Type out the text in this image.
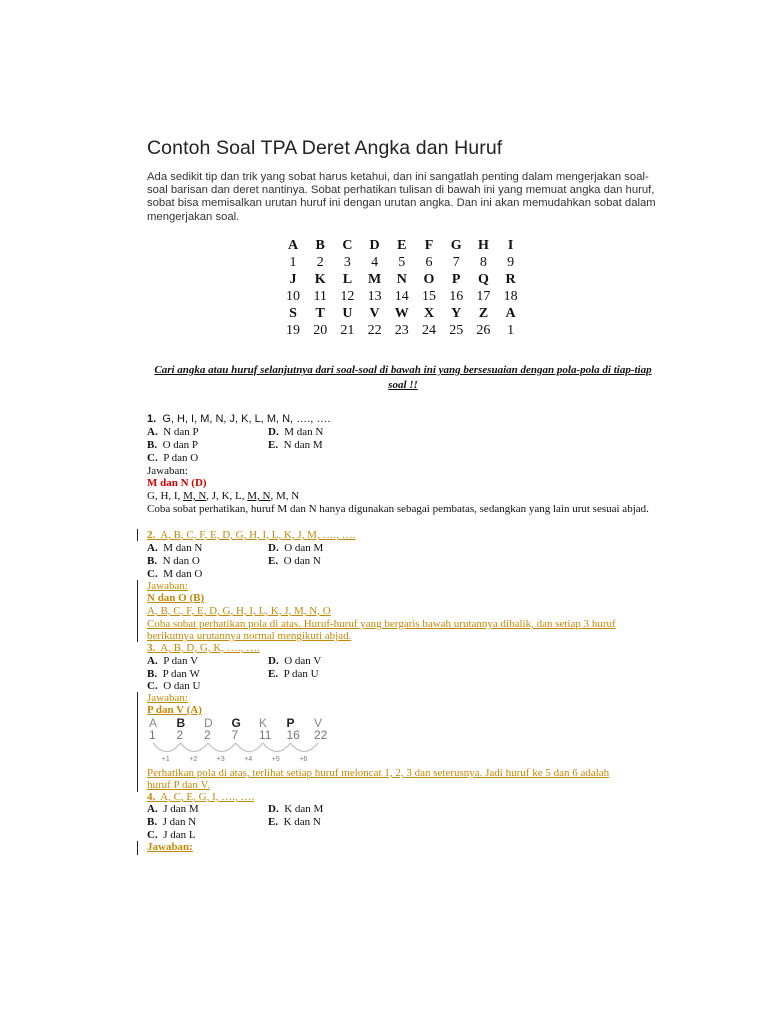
Contoh Soal TPA Deret Angka dan Huruf
Ada sedikit tip dan trik yang sobat harus ketahui, dan ini sangatlah penting dalam mengerjakan soal-soal barisan dan deret nantinya. Sobat perhatikan tulisan di bawah ini yang memuat angka dan huruf, sobat bisa memisalkan urutan huruf ini dengan urutan angka. Dan ini akan memudahkan sobat dalam mengerjakan soal.
A	B	C	D	E	F	G	H	I
1	2	3	4	5	6	7	8	9
J	K	L	M	N	O	P	Q	R
10 11 12 13 14 15 16 17 18
S	T	U	V	W	X	Y	Z	A
19 20 21 22 23 24 25 26	1
Cari angka atau huruf selanjutnya dari soal-soal di bawah ini yang bersesuaian dengan pola-pola di tiap-tiap soal !!
1. G, H, I, M, N, J, K, L, M, N, …., ….
A. N dan P	D. M dan N
B. O dan P	E. N dan M
C. P dan O
Jawaban:
M dan N (D)
G, H, I, M, N, J, K, L, M, N, M, N
Coba sobat perhatikan, huruf M dan N hanya digunakan sebagai pembatas, sedangkan yang lain urut sesuai abjad.
2. A, B, C, F, E, D, G, H, I, L, K, J, M, …., ….
A. M dan N	D. O dan M
B. N dan O	E. O dan N
C. M dan O
Jawaban:
N dan O (B)
A, B, C, F, E, D, G, H, I, L, K, J, M, N, O
Coba sobat perhatikan pola di atas. Huruf-huruf yang bergaris bawah urutannya dibalik, dan setiap 3 huruf
berikutnya urutannya normal mengikuti abjad.
3. A, B, D, G, K, …., ….
A. P dan V	D. O dan V
B. P dan W	E. P dan U
C. O dan U
Jawaban:
P dan V (A)
A B D G K P V
1 2 2 7 11 16 22
+1	+2	+3	+4	+5	+6
Perhatikan pola di atas, terlihat setiap huruf meloncat 1, 2, 3 dan seterusnya. Jadi huruf ke 5 dan 6 adalah
huruf P dan V.
4. A, C, E, G, I, …., ….
A. J dan M	D. K dan M
B. J dan N	E. K dan N
C. J dan L
Jawaban:
